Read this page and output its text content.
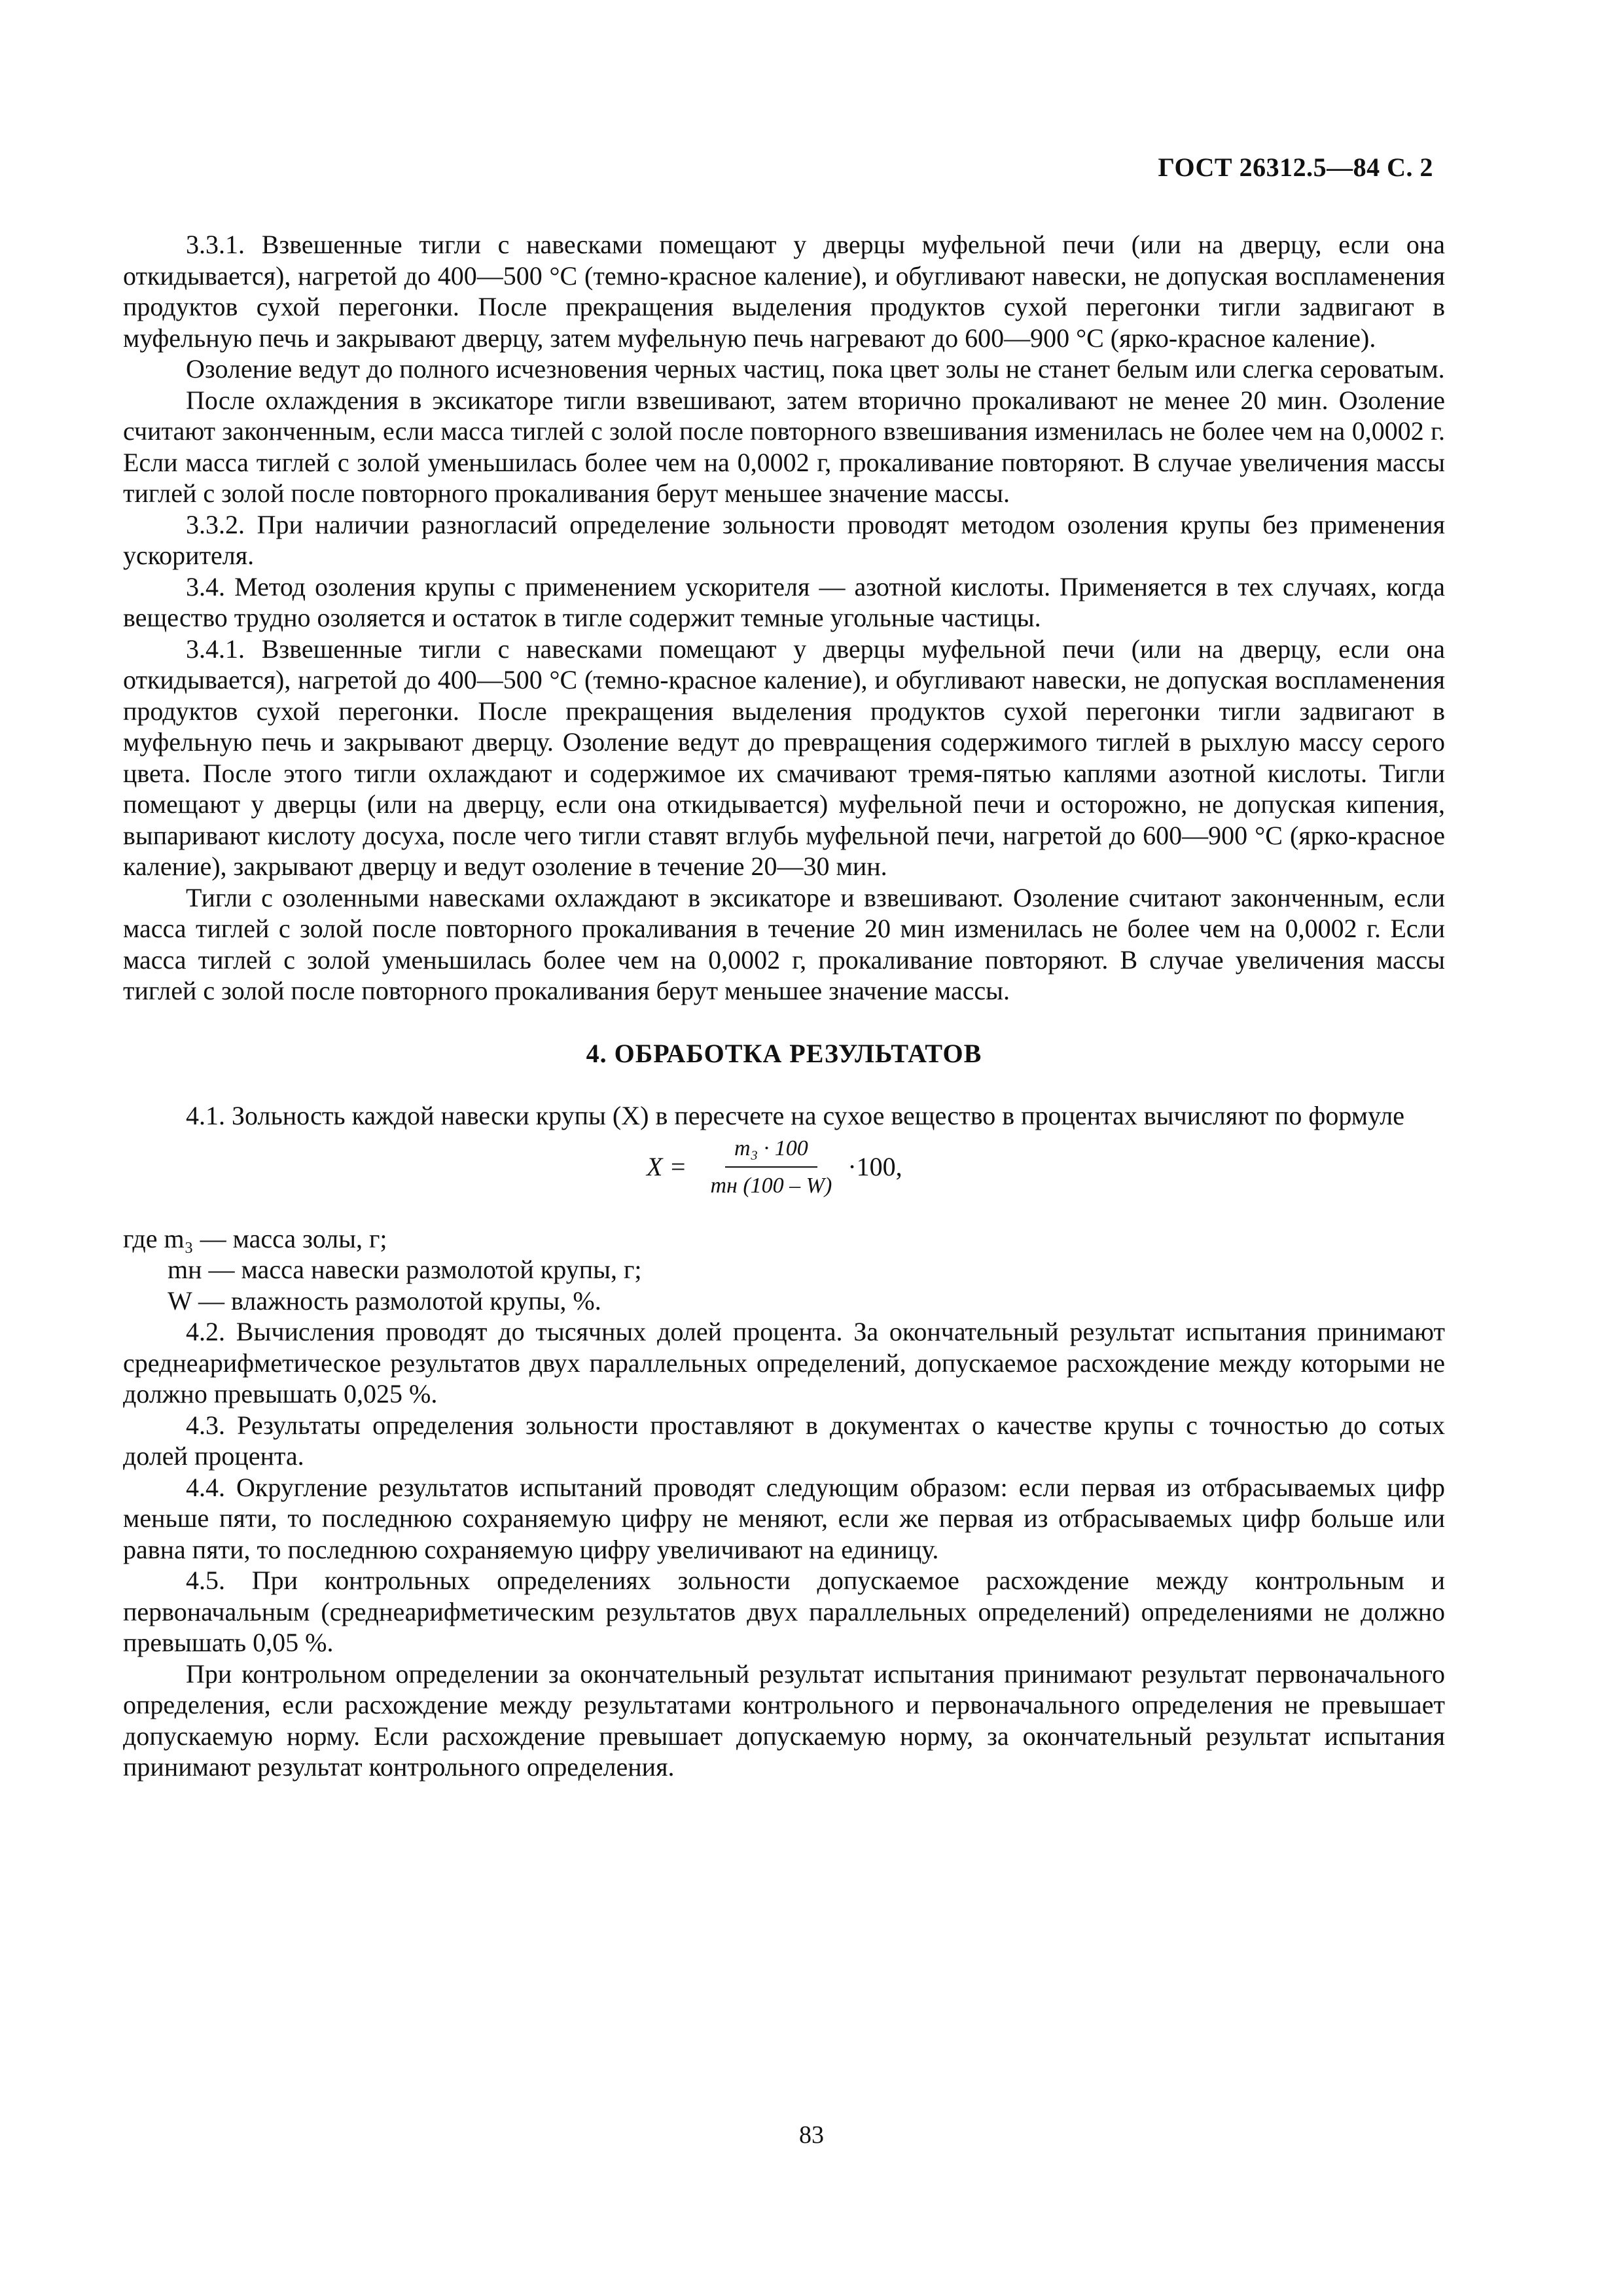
ГОСТ 26312.5—84 С. 2

3.3.1. Взвешенные тигли с навесками помещают у дверцы муфельной печи (или на дверцу, если она откидывается), нагретой до 400—500 °С (темно-красное каление), и обугливают навески, не допуская воспламенения продуктов сухой перегонки. После прекращения выделения продуктов сухой перегонки тигли задвигают в муфельную печь и закрывают дверцу, затем муфельную печь нагревают до 600—900 °С (ярко-красное каление).

Озоление ведут до полного исчезновения черных частиц, пока цвет золы не станет белым или слегка сероватым.

После охлаждения в эксикаторе тигли взвешивают, затем вторично прокаливают не менее 20 мин. Озоление считают законченным, если масса тиглей с золой после повторного взвешивания изменилась не более чем на 0,0002 г. Если масса тиглей с золой уменьшилась более чем на 0,0002 г, прокаливание повторяют. В случае увеличения массы тиглей с золой после повторного прокаливания берут меньшее значение массы.

3.3.2. При наличии разногласий определение зольности проводят методом озоления крупы без применения ускорителя.

3.4. Метод озоления крупы с применением ускорителя — азотной кислоты. Применяется в тех случаях, когда вещество трудно озоляется и остаток в тигле содержит темные угольные частицы.

3.4.1. Взвешенные тигли с навесками помещают у дверцы муфельной печи (или на дверцу, если она откидывается), нагретой до 400—500 °С (темно-красное каление), и обугливают навески, не допуская воспламенения продуктов сухой перегонки. После прекращения выделения продуктов сухой перегонки тигли задвигают в муфельную печь и закрывают дверцу. Озоление ведут до превращения содержимого тиглей в рыхлую массу серого цвета. После этого тигли охлаждают и содержимое их смачивают тремя-пятью каплями азотной кислоты. Тигли помещают у дверцы (или на дверцу, если она откидывается) муфельной печи и осторожно, не допуская кипения, выпаривают кислоту досуха, после чего тигли ставят вглубь муфельной печи, нагретой до 600—900 °С (ярко-красное каление), закрывают дверцу и ведут озоление в течение 20—30 мин.

Тигли с озоленными навесками охлаждают в эксикаторе и взвешивают. Озоление считают законченным, если масса тиглей с золой после повторного прокаливания в течение 20 мин изменилась не более чем на 0,0002 г. Если масса тиглей с золой уменьшилась более чем на 0,0002 г, прокаливание повторяют. В случае увеличения массы тиглей с золой после повторного прокаливания берут меньшее значение массы.

4. ОБРАБОТКА РЕЗУЛЬТАТОВ

4.1. Зольность каждой навески крупы (X) в пересчете на сухое вещество в процентах вычисляют по формуле

$X = \frac{\text{m₃ · 100}}{mн (100 - W)} \cdot 100$,
где m₃ — масса золы, г;
mн — масса навески размолотой крупы, г;
W — влажность размолотой крупы, %.

4.2. Вычисления проводят до тысячных долей процента. За окончательный результат испытания принимают среднеарифметическое результатов двух параллельных определений, допускаемое расхождение между которыми не должно превышать 0,025 %.

4.3. Результаты определения зольности проставляют в документах о качестве крупы с точностью до сотых долей процента.

4.4. Округление результатов испытаний проводят следующим образом: если первая из отбрасываемых цифр меньше пяти, то последнюю сохраняемую цифру не меняют, если же первая из отбрасываемых цифр больше или равна пяти, то последнюю сохраняемую цифру увеличивают на единицу.

4.5. При контрольных определениях зольности допускаемое расхождение между контрольным и первоначальным (среднеарифметическим результатов двух параллельных определений) определениями не должно превышать 0,05 %.

При контрольном определении за окончательный результат испытания принимают результат первоначального определения, если расхождение между результатами контрольного и первоначального определения не превышает допускаемую норму. Если расхождение превышает допускаемую норму, за окончательный результат испытания принимают результат контрольного определения.

83
